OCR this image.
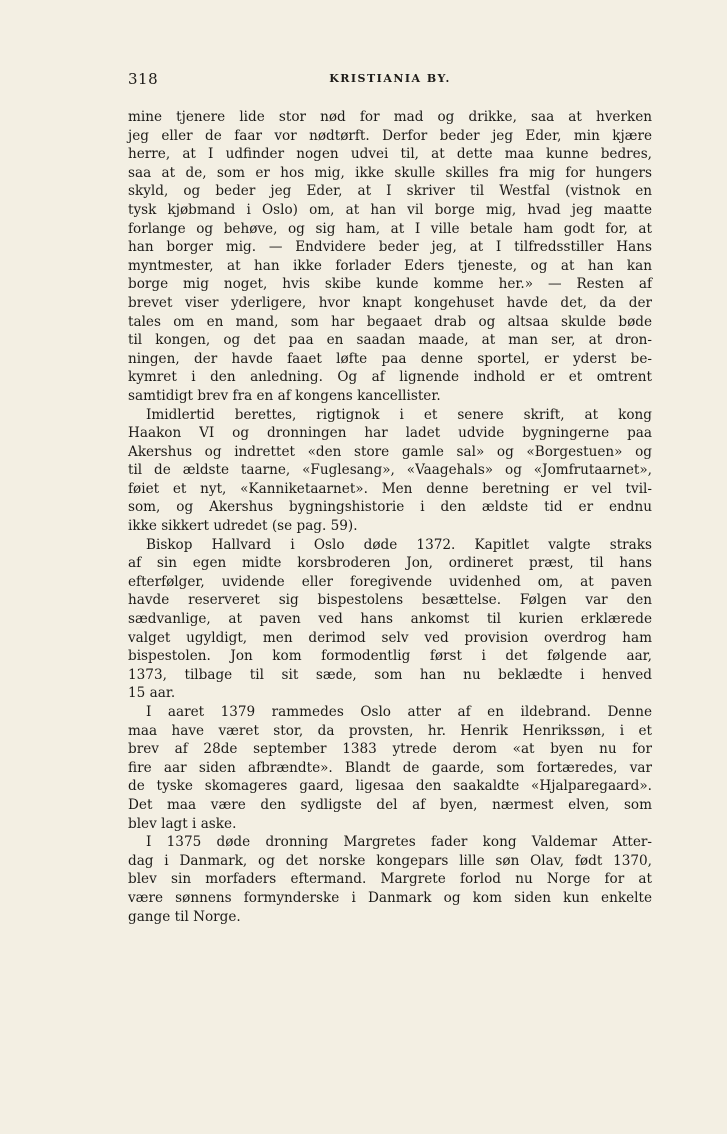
318	KRISTIANIA BY.
mine tjenere lide stor nød for mad og drikke, saa at hverken
jeg eller de faar vor nødtørft. Derfor beder jeg Eder, min kjære
herre, at I udfinder nogen udvei til, at dette maa kunne bedres,
saa at de, som er hos mig, ikke skulle skilles fra mig for hungers
skyld, og beder jeg Eder, at I skriver til Westfal (vistnok en
tysk kjøbmand i Oslo) om, at han vil borge mig, hvad jeg maatte
forlange og behøve, og sig ham, at I ville betale ham godt for, at
han borger mig. — Endvidere beder jeg, at I tilfredsstiller Hans
myntmester, at han ikke forlader Eders tjeneste, og at han kan
borge mig noget, hvis skibe kunde komme her.» — Resten af
brevet viser yderligere, hvor knapt kongehuset havde det, da der
tales om en mand, som har begaaet drab og altsaa skulde bøde
til kongen, og det paa en saadan maade, at man ser, at dron-
ningen, der havde faaet løfte paa denne sportel, er yderst be-
kymret i den anledning. Og af lignende indhold er et omtrent
samtidigt brev fra en af kongens kancellister.
Imidlertid berettes, rigtignok i et senere skrift, at kong
Haakon VI og dronningen har ladet udvide bygningerne paa
Akershus og indrettet «den store gamle sal» og «Borgestuen» og
til de ældste taarne, «Fuglesang», «Vaagehals» og «Jomfrutaarnet»,
føiet et nyt, «Kanniketaarnet». Men denne beretning er vel tvil-
som, og Akershus bygningshistorie i den ældste tid er endnu
ikke sikkert udredet (se pag. 59).
Biskop Hallvard i Oslo døde 1372. Kapitlet valgte straks
af sin egen midte korsbroderen Jon, ordineret præst, til hans
efterfølger, uvidende eller foregivende uvidenhed om, at paven
havde reserveret sig bispestolens besættelse. Følgen var den
sædvanlige, at paven ved hans ankomst til kurien erklærede
valget ugyldigt, men derimod selv ved provision overdrog ham
bispestolen. Jon kom formodentlig først i det følgende aar,
1373, tilbage til sit sæde, som han nu beklædte i henved
15 aar.
I aaret 1379 rammedes Oslo atter af en ildebrand. Denne
maa have været stor, da provsten, hr. Henrik Henrikssøn, i et
brev af 28de september 1383 ytrede derom «at byen nu for
fire aar siden afbrændte». Blandt de gaarde, som fortæredes, var
de tyske skomageres gaard, ligesaa den saakaldte «Hjalparegaard».
Det maa være den sydligste del af byen, nærmest elven, som
blev lagt i aske.
I 1375 døde dronning Margretes fader kong Valdemar Atter-
dag i Danmark, og det norske kongepars lille søn Olav, født 1370,
blev sin morfaders eftermand. Margrete forlod nu Norge for at
være sønnens formynderske i Danmark og kom siden kun enkelte
gange til Norge.
